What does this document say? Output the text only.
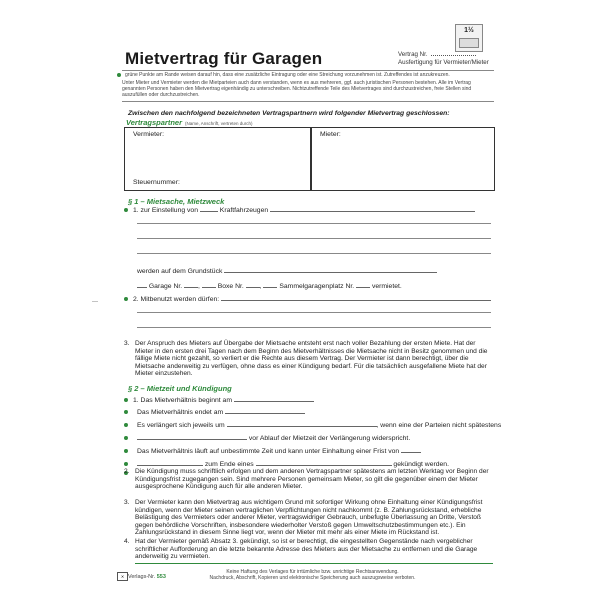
—
1½
Mietvertrag für Garagen	Vertrag Nr.
Ausfertigung für Vermieter/Mieter
grüne Punkte am Rande weisen darauf hin, dass eine zusätzliche Eintragung oder eine Streichung vorzunehmen ist. Zutreffendes ist anzukreuzen.
Unter Mieter und Vermieter werden die Mietparteien auch dann verstanden, wenn es aus mehreren, ggf. auch juristischen Personen bestehen. Alle im Vertrag genannten Personen haben den Mietvertrag eigenhändig zu unterschreiben. Nichtzutreffende Teile des Mietvertrages sind durchzustreichen, freie Stellen sind auszufüllen oder durchzustreichen.
Zwischen den nachfolgend bezeichneten Vertragspartnern wird folgender Mietvertrag geschlossen:
Vertragspartner (Name, Anschrift, vertreten durch)
Vermieter:
Steuernummer:
Mieter:
§ 1 – Mietsache, Mietzweck
1. zur Einstellung von	Kraftfahrzeugen
werden auf dem Grundstück
Garage Nr. ,  Boxe Nr. ,  Sammelgaragenplatz Nr.	vermietet.
2. Mitbenutzt werden dürfen:
3. Der Anspruch des Mieters auf Übergabe der Mietsache entsteht erst nach voller Bezahlung der ersten Miete. Hat der Mieter in den ersten drei Tagen nach dem Beginn des Mietverhältnisses die Mietsache nicht in Besitz genommen und die fällige Miete nicht gezahlt, so verliert er die Rechte aus diesem Vertrag. Der Vermieter ist dann berechtigt, über die Mietsache anderweitig zu verfügen, ohne dass es einer Kündigung bedarf. Für die tatsächlich ausgefallene Miete hat der Mieter einzustehen.
§ 2 – Mietzeit und Kündigung
1. Das Mietverhältnis beginnt am
Das Mietverhältnis endet am
Es verlängert sich jeweils um	, wenn eine der Parteien nicht spätestens
vor Ablauf der Mietzeit der Verlängerung widerspricht.
Das Mietverhältnis läuft auf unbestimmte Zeit und kann unter Einhaltung einer Frist von
zum Ende eines	gekündigt werden.
2. Die Kündigung muss schriftlich erfolgen und dem anderen Vertragspartner spätestens am letzten Werktag vor Beginn der Kündigungsfrist zugegangen sein. Sind mehrere Personen gemeinsam Mieter, so gilt die gegenüber einem der Mieter ausgesprochene Kündigung auch für alle anderen Mieter.
3. Der Vermieter kann den Mietvertrag aus wichtigem Grund mit sofortiger Wirkung ohne Einhaltung einer Kündigungsfrist kündigen, wenn der Mieter seinen vertraglichen Verpflichtungen nicht nachkommt (z. B. Zahlungsrückstand, erhebliche Belästigung des Vermieters oder anderer Mieter, vertragswidriger Gebrauch, unbefugte Überlassung an Dritte, Verstoß gegen behördliche Vorschriften, insbesondere wiederholter Verstoß gegen Umweltschutzbestimmungen etc.). Ein Zahlungsrückstand in diesem Sinne liegt vor, wenn der Mieter mit mehr als einer Miete im Rückstand ist.
4. Hat der Vermieter gemäß Absatz 3. gekündigt, so ist er berechtigt, die eingestellten Gegenstände nach vergeblicher schriftlicher Aufforderung an die letzte bekannte Adresse des Mieters aus der Mietsache zu entfernen und die Garage anderweitig zu vermieten.
✕ Verlags-Nr. 553
Keine Haftung des Verlages für irrtümliche bzw. unrichtige Rechtsanwendung.
Nachdruck, Abschrift, Kopieren und elektronische Speicherung auch auszugsweise verboten.
